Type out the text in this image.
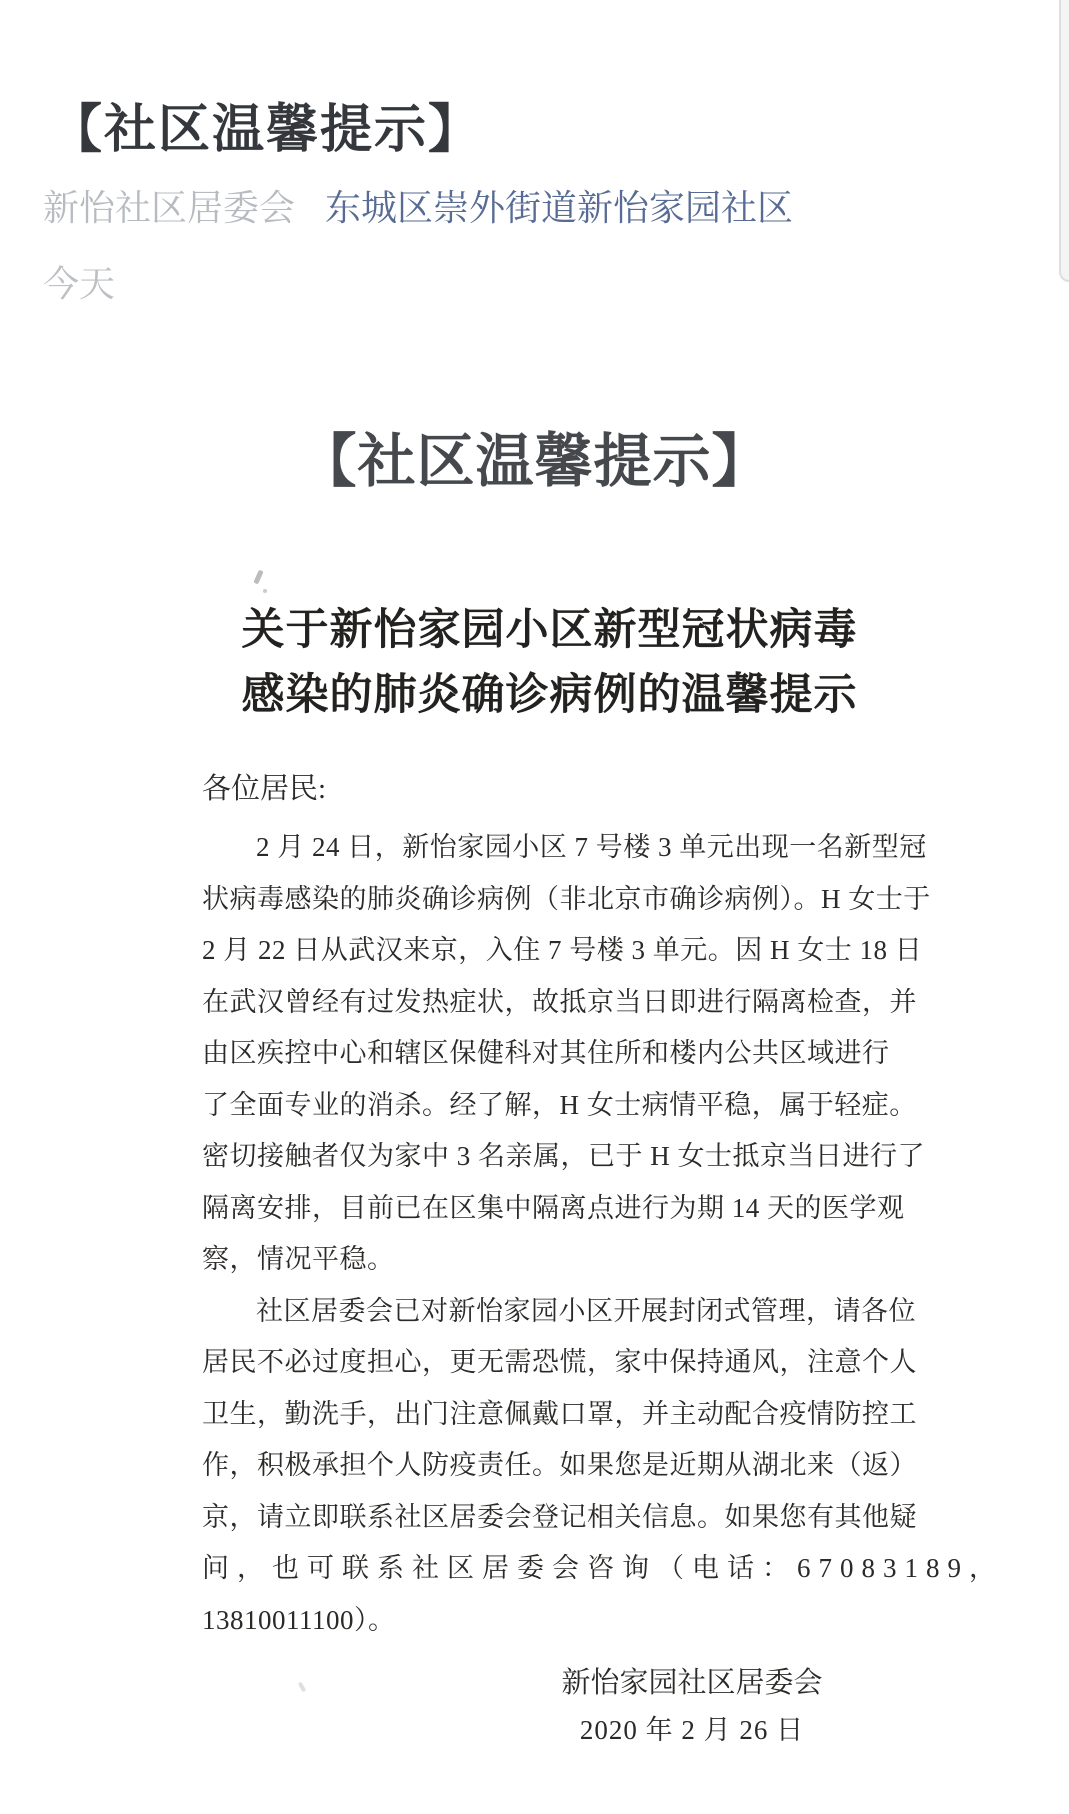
【社区温馨提示】
新怡社区居委会 东城区崇外街道新怡家园社区
今天
【社区温馨提示】
关于新怡家园小区新型冠状病毒
感染的肺炎确诊病例的温馨提示
各位居民:
2 月 24 日，新怡家园小区 7 号楼 3 单元出现一名新型冠
状病毒感染的肺炎确诊病例（非北京市确诊病例）。H 女士于
2 月 22 日从武汉来京，入住 7 号楼 3 单元。因 H 女士 18 日
在武汉曾经有过发热症状，故抵京当日即进行隔离检查，并
由区疾控中心和辖区保健科对其住所和楼内公共区域进行
了全面专业的消杀。经了解，H 女士病情平稳，属于轻症。
密切接触者仅为家中 3 名亲属，已于 H 女士抵京当日进行了
隔离安排，目前已在区集中隔离点进行为期 14 天的医学观
察，情况平稳。
社区居委会已对新怡家园小区开展封闭式管理，请各位
居民不必过度担心，更无需恐慌，家中保持通风，注意个人
卫生，勤洗手，出门注意佩戴口罩，并主动配合疫情防控工
作，积极承担个人防疫责任。如果您是近期从湖北来（返）
京，请立即联系社区居委会登记相关信息。如果您有其他疑
问，也可联系社区居委会咨询（电话：67083189，
13810011100）。
新怡家园社区居委会
2020 年 2 月 26 日
